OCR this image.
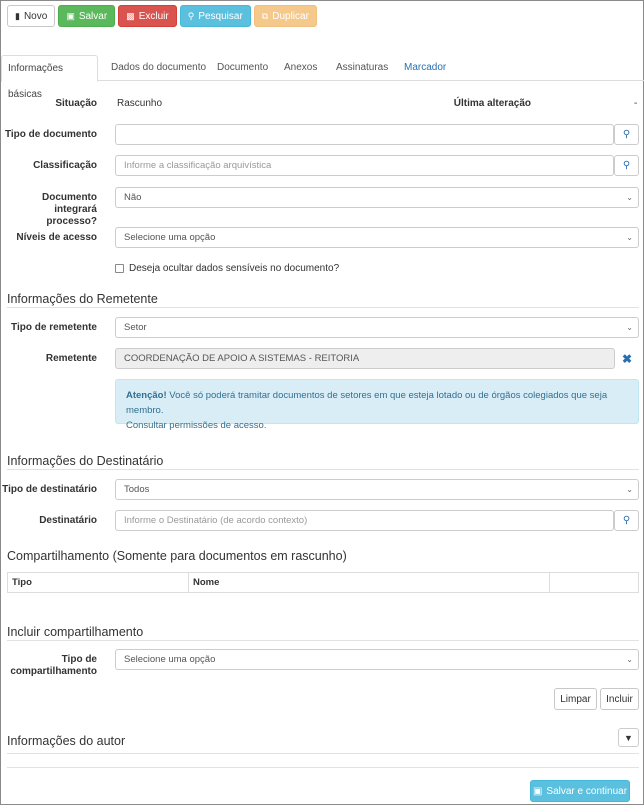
▮ Novo ▣ Salvar ▩ Excluir ⚲ Pesquisar ⧉ Duplicar
Informações básicas
Dados do documento	Documento	Anexos	Assinaturas	Marcador
Situação Rascunho	Última alteração	-
Tipo de documento	⚲
Classificação	Informe a classificação arquivística	⚲
Documento
integrará processo?
Não	⌄
Níveis de acesso	Selecione uma opção	⌄
Deseja ocultar dados sensíveis no documento?
Informações do Remetente
Tipo de remetente	Setor	⌄
Remetente	COORDENAÇÃO DE APOIO A SISTEMAS - REITORIA	✖
Atenção! Você só poderá tramitar documentos de setores em que esteja lotado ou de órgãos colegiados que seja membro.
Consultar permissões de acesso.
Informações do Destinatário
Tipo de destinatário	Todos	⌄
Destinatário	Informe o Destinatário (de acordo contexto)	⚲
Compartilhamento (Somente para documentos em rascunho)
Tipo	Nome
Incluir compartilhamento
Tipo de
compartilhamento
Selecione uma opção	⌄
Limpar	Incluir
Informações do autor	▼
▣ Salvar e continuar
